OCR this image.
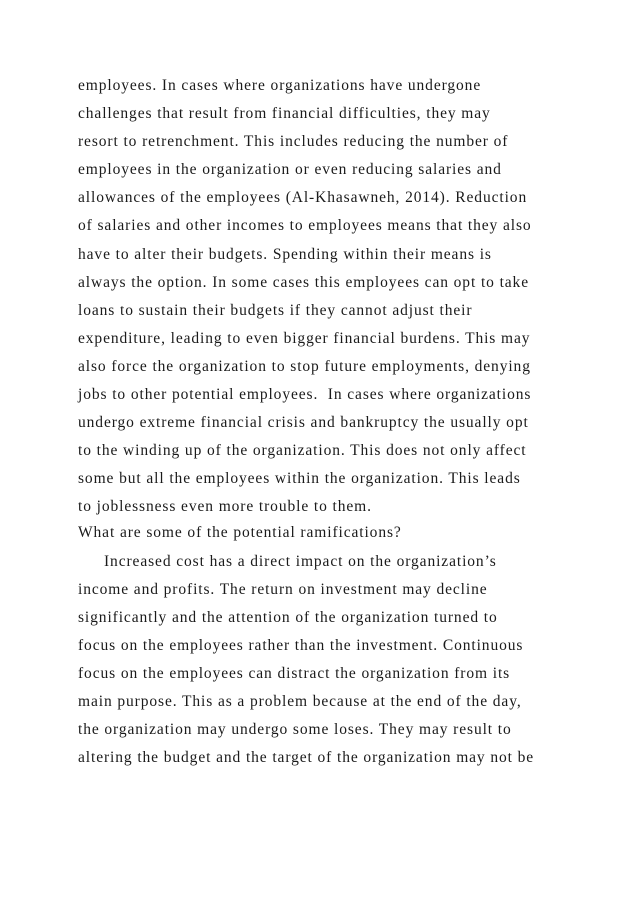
employees. In cases where organizations have undergone
challenges that result from financial difficulties, they may
resort to retrenchment. This includes reducing the number of
employees in the organization or even reducing salaries and
allowances of the employees (Al-Khasawneh, 2014). Reduction
of salaries and other incomes to employees means that they also
have to alter their budgets. Spending within their means is
always the option. In some cases this employees can opt to take
loans to sustain their budgets if they cannot adjust their
expenditure, leading to even bigger financial burdens. This may
also force the organization to stop future employments, denying
jobs to other potential employees.  In cases where organizations
undergo extreme financial crisis and bankruptcy the usually opt
to the winding up of the organization. This does not only affect
some but all the employees within the organization. This leads
to joblessness even more trouble to them.
What are some of the potential ramifications?
Increased cost has a direct impact on the organization’s
income and profits. The return on investment may decline
significantly and the attention of the organization turned to
focus on the employees rather than the investment. Continuous
focus on the employees can distract the organization from its
main purpose. This as a problem because at the end of the day,
the organization may undergo some loses. They may result to
altering the budget and the target of the organization may not be
